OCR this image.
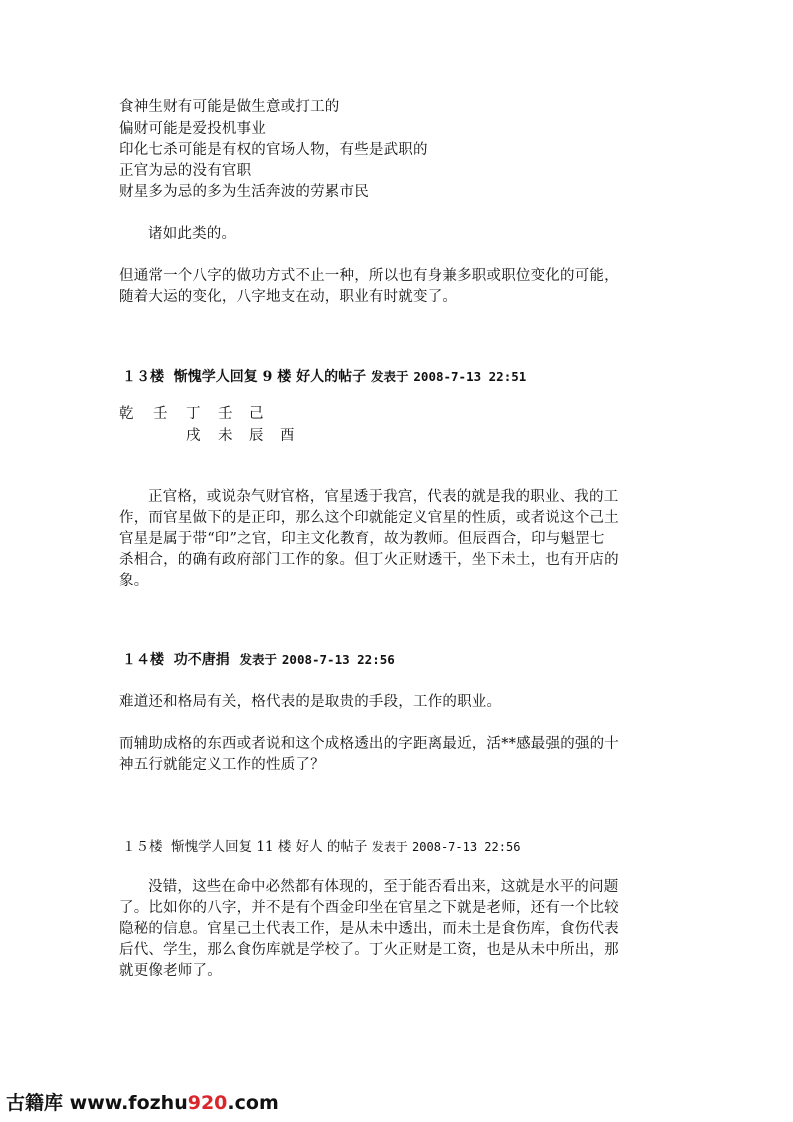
食神生财有可能是做生意或打工的
偏财可能是爱投机事业
印化七杀可能是有权的官场人物，有些是武职的
正官为忌的没有官职
财星多为忌的多为生活奔波的劳累市民
诸如此类的。
但通常一个八字的做功方式不止一种，所以也有身兼多职或职位变化的可能，
随着大运的变化，八字地支在动，职业有时就变了。
１３楼 惭愧学人回复 9 楼 好人的帖子 发表于 2008-7-13 22:51
乾 壬 丁 壬 己
戌 未 辰 酉
正官格，或说杂气财官格，官星透于我宫，代表的就是我的职业、我的工
作，而官星做下的是正印，那么这个印就能定义官星的性质，或者说这个己土
官星是属于带“印”之官，印主文化教育，故为教师。但辰酉合，印与魁罡七
杀相合，的确有政府部门工作的象。但丁火正财透干，坐下未土，也有开店的
象。
１４楼 功不唐捐 发表于 2008-7-13 22:56
难道还和格局有关，格代表的是取贵的手段，工作的职业。
而辅助成格的东西或者说和这个成格透出的字距离最近，活**感最强的强的十
神五行就能定义工作的性质了？
１５楼 惭愧学人回复 11 楼 好人 的帖子 发表于 2008-7-13 22:56
没错，这些在命中必然都有体现的，至于能否看出来，这就是水平的问题
了。比如你的八字，并不是有个酉金印坐在官星之下就是老师，还有一个比较
隐秘的信息。官星己土代表工作，是从未中透出，而未土是食伤库，食伤代表
后代、学生，那么食伤库就是学校了。丁火正财是工资，也是从未中所出，那
就更像老师了。
古籍库 www.fozhu920.com
